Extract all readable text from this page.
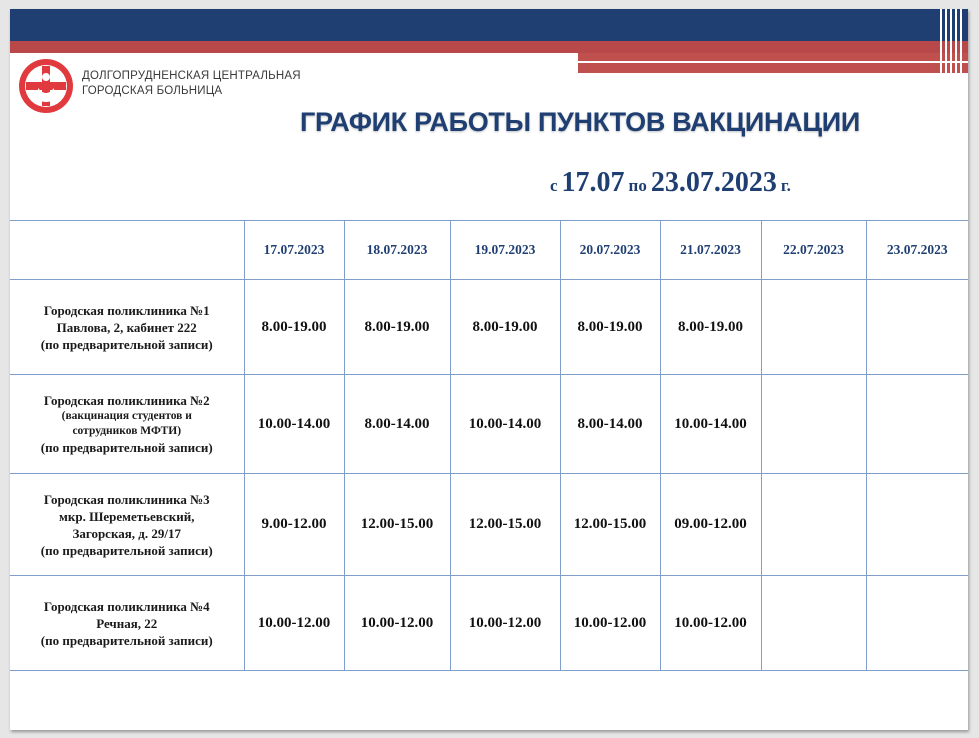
ДОЛГОПРУДНЕНСКАЯ ЦЕНТРАЛЬНАЯ
ГОРОДСКАЯ БОЛЬНИЦА
ГРАФИК РАБОТЫ ПУНКТОВ ВАКЦИНАЦИИ
с 17.07 по 23.07.2023 г.
	17.07.2023	18.07.2023	19.07.2023	20.07.2023	21.07.2023	22.07.2023	23.07.2023

Городская поликлиника №1
Павлова, 2, кабинет 222
(по предварительной записи)	8.00-19.00	8.00-19.00	8.00-19.00	8.00-19.00	8.00-19.00		

Городская поликлиника №2
(вакцинация студентов и
сотрудников МФТИ)
(по предварительной записи)	10.00-14.00	8.00-14.00	10.00-14.00	8.00-14.00	10.00-14.00		

Городская поликлиника №3
мкр. Шереметьевский,
Загорская, д. 29/17
(по предварительной записи)	9.00-12.00	12.00-15.00	12.00-15.00	12.00-15.00	09.00-12.00		

Городская поликлиника №4
Речная, 22
(по предварительной записи)	10.00-12.00	10.00-12.00	10.00-12.00	10.00-12.00	10.00-12.00		
